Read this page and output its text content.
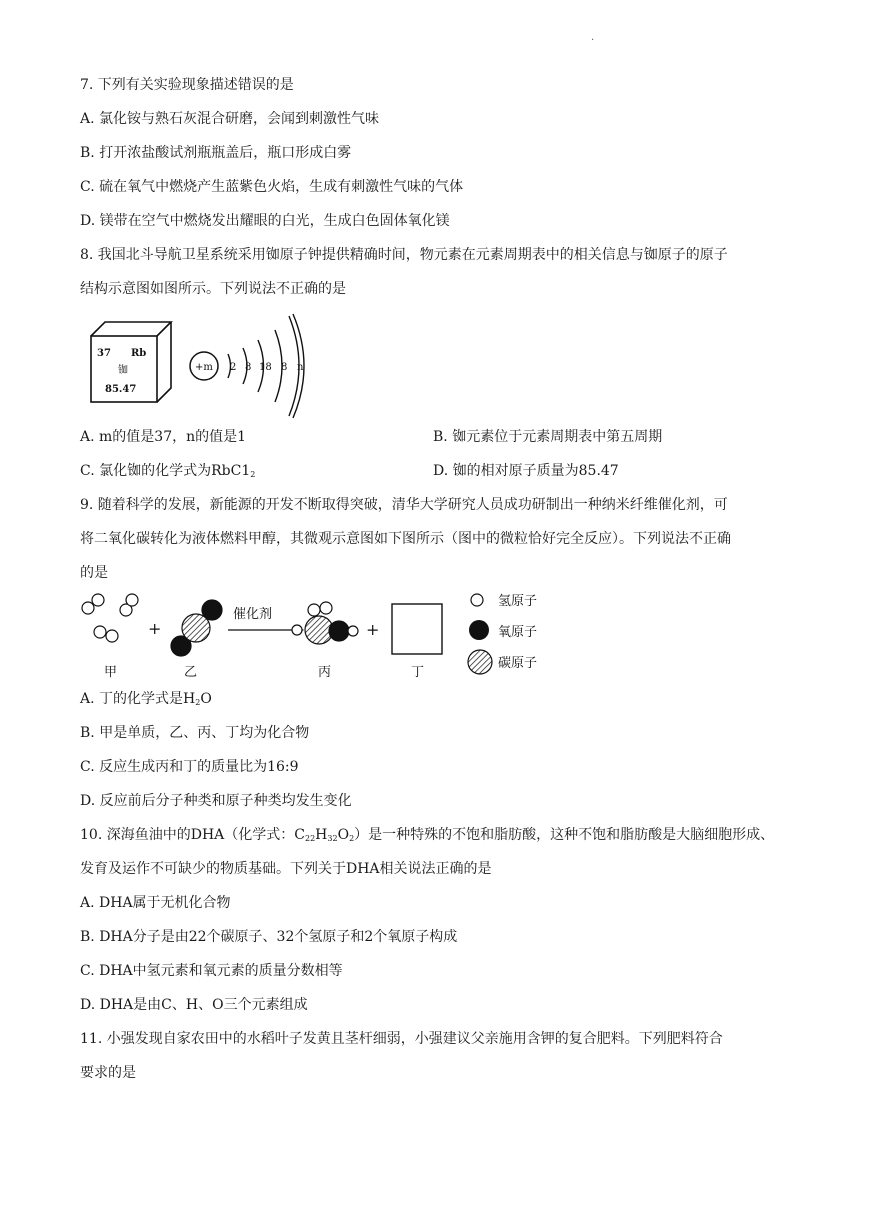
.
7. 下列有关实验现象描述错误的是
A. 氯化铵与熟石灰混合研磨，会闻到刺激性气味
B. 打开浓盐酸试剂瓶瓶盖后，瓶口形成白雾
C. 硫在氧气中燃烧产生蓝紫色火焰，生成有刺激性气味的气体
D. 镁带在空气中燃烧发出耀眼的白光，生成白色固体氧化镁
8. 我国北斗导航卫星系统采用铷原子钟提供精确时间，物元素在元素周期表中的相关信息与铷原子的原子
结构示意图如图所示。下列说法不正确的是
37 Rb
铷
85.47
+m 2 8 18 8 n
A. m的值是37，n的值是1	B. 铷元素位于元素周期表中第五周期
C. 氯化铷的化学式为$RbC1_2$	D. 铷的相对原子质量为85.47
9. 随着科学的发展，新能源的开发不断取得突破，清华大学研究人员成功研制出一种纳米纤维催化剂，可
将二氧化碳转化为液体燃料甲醇，其微观示意图如下图所示（图中的微粒恰好完全反应）。下列说法不正确
的是
+
催化剂
+
甲	乙	丙	丁
氢原子
氧原子
碳原子
A. 丁的化学式是$H_2O$
B. 甲是单质，乙、丙、丁均为化合物
C. 反应生成丙和丁的质量比为16:9
D. 反应前后分子种类和原子种类均发生变化
10. 深海鱼油中的DHA（化学式：$C_{22}H_{32}O_2$）是一种特殊的不饱和脂肪酸，这种不饱和脂肪酸是大脑细胞形成、
发育及运作不可缺少的物质基础。下列关于DHA相关说法正确的是
A. DHA属于无机化合物
B. DHA分子是由22个碳原子、32个氢原子和2个氧原子构成
C. DHA中氢元素和氧元素的质量分数相等
D. DHA是由C、H、O三个元素组成
11. 小强发现自家农田中的水稻叶子发黄且茎杆细弱，小强建议父亲施用含钾的复合肥料。下列肥料符合
要求的是
